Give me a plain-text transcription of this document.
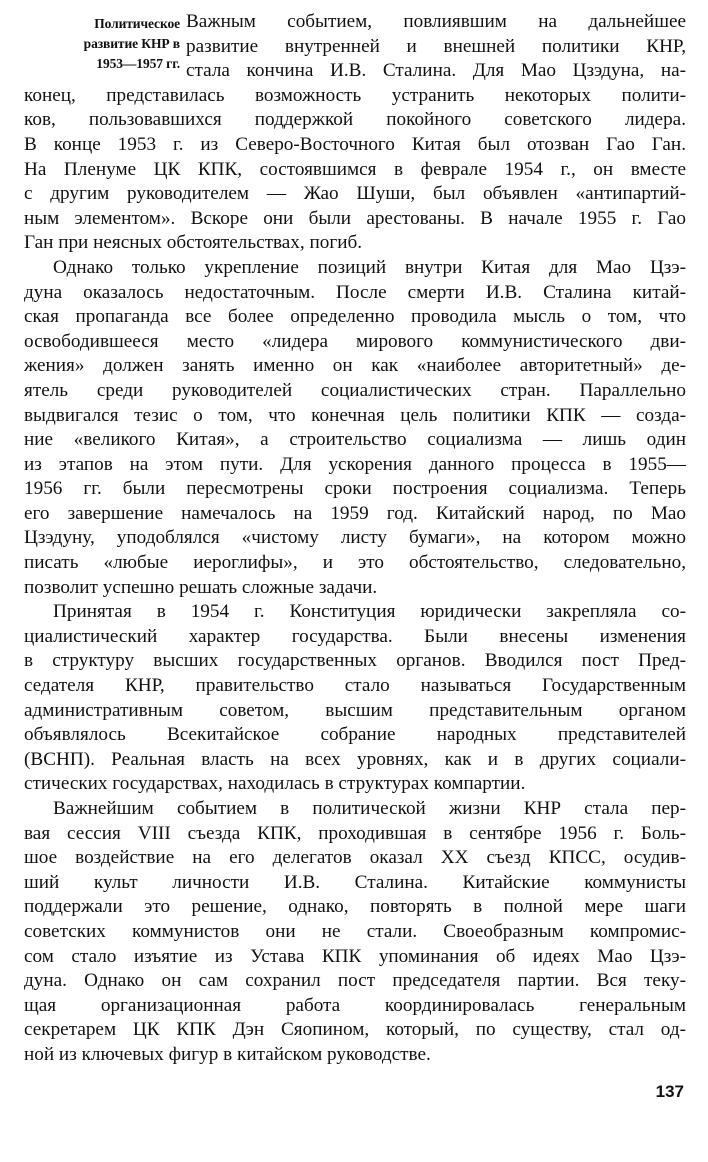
Политическое
развитие КНР в
1953—1957 гг.
Важным событием, повлиявшим на дальнейшее
развитие внутренней и внешней политики КНР,
стала кончина И.В. Сталина. Для Мао Цзэдуна, на-
конец, представилась возможность устранить некоторых полити-
ков, пользовавшихся поддержкой покойного советского лидера.
В конце 1953 г. из Северо-Восточного Китая был отозван Гао Ган.
На Пленуме ЦК КПК, состоявшимся в феврале 1954 г., он вместе
с другим руководителем — Жао Шуши, был объявлен «антипартий-
ным элементом». Вскоре они были арестованы. В начале 1955 г. Гао
Ган при неясных обстоятельствах, погиб.
Однако только укрепление позиций внутри Китая для Мао Цзэ-
дуна оказалось недостаточным. После смерти И.В. Сталина китай-
ская пропаганда все более определенно проводила мысль о том, что
освободившееся место «лидера мирового коммунистического дви-
жения» должен занять именно он как «наиболее авторитетный» де-
ятель среди руководителей социалистических стран. Параллельно
выдвигался тезис о том, что конечная цель политики КПК — созда-
ние «великого Китая», а строительство социализма — лишь один
из этапов на этом пути. Для ускорения данного процесса в 1955—
1956 гг. были пересмотрены сроки построения социализма. Теперь
его завершение намечалось на 1959 год. Китайский народ, по Мао
Цзэдуну, уподоблялся «чистому листу бумаги», на котором можно
писать «любые иероглифы», и это обстоятельство, следовательно,
позволит успешно решать сложные задачи.
Принятая в 1954 г. Конституция юридически закрепляла со-
циалистический характер государства. Были внесены изменения
в структуру высших государственных органов. Вводился пост Пред-
седателя КНР, правительство стало называться Государственным
административным советом, высшим представительным органом
объявлялось Всекитайское собрание народных представителей
(ВСНП). Реальная власть на всех уровнях, как и в других социали-
стических государствах, находилась в структурах компартии.
Важнейшим событием в политической жизни КНР стала пер-
вая сессия VIII съезда КПК, проходившая в сентябре 1956 г. Боль-
шое воздействие на его делегатов оказал XX съезд КПСС, осудив-
ший культ личности И.В. Сталина. Китайские коммунисты
поддержали это решение, однако, повторять в полной мере шаги
советских коммунистов они не стали. Своеобразным компромис-
сом стало изъятие из Устава КПК упоминания об идеях Мао Цзэ-
дуна. Однако он сам сохранил пост председателя партии. Вся теку-
щая организационная работа координировалась генеральным
секретарем ЦК КПК Дэн Сяопином, который, по существу, стал од-
ной из ключевых фигур в китайском руководстве.
137
